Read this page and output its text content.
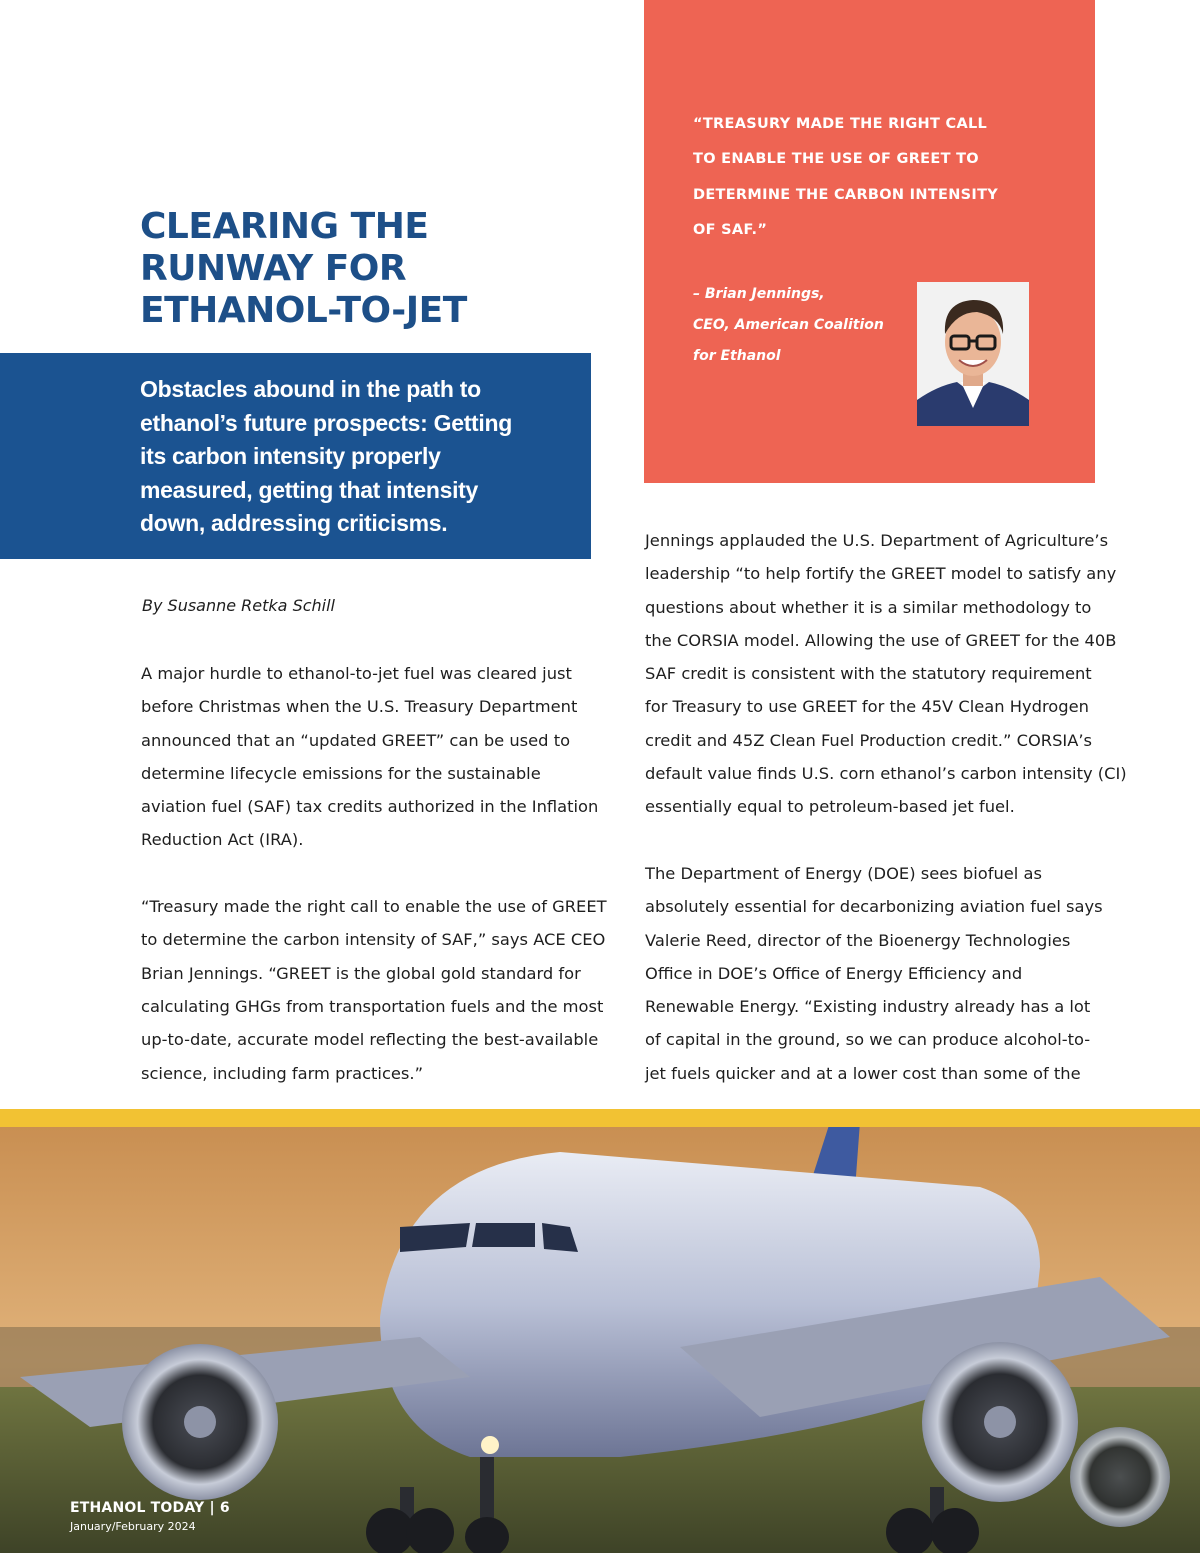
“TREASURY MADE THE RIGHT CALL
TO ENABLE THE USE OF GREET TO
DETERMINE THE CARBON INTENSITY
OF SAF.”
– Brian Jennings,
CEO, American Coalition
for Ethanol
CLEARING THE
RUNWAY FOR
ETHANOL-TO-JET
Obstacles abound in the path to
ethanol’s future prospects: Getting
its carbon intensity properly
measured, getting that intensity
down, addressing criticisms.
By Susanne Retka Schill

A major hurdle to ethanol-to-jet fuel was cleared just
before Christmas when the U.S. Treasury Department
announced that an “updated GREET” can be used to
determine lifecycle emissions for the sustainable
aviation fuel (SAF) tax credits authorized in the Inflation
Reduction Act (IRA).

“Treasury made the right call to enable the use of GREET
to determine the carbon intensity of SAF,” says ACE CEO
Brian Jennings. “GREET is the global gold standard for
calculating GHGs from transportation fuels and the most
up-to-date, accurate model reflecting the best-available
science, including farm practices.”

Jennings applauded the U.S. Department of Agriculture’s
leadership “to help fortify the GREET model to satisfy any
questions about whether it is a similar methodology to
the CORSIA model. Allowing the use of GREET for the 40B
SAF credit is consistent with the statutory requirement
for Treasury to use GREET for the 45V Clean Hydrogen
credit and 45Z Clean Fuel Production credit.” CORSIA’s
default value finds U.S. corn ethanol’s carbon intensity (CI)
essentially equal to petroleum-based jet fuel.

The Department of Energy (DOE) sees biofuel as
absolutely essential for decarbonizing aviation fuel says
Valerie Reed, director of the Bioenergy Technologies
Office in DOE’s Office of Energy Efficiency and
Renewable Energy. “Existing industry already has a lot
of capital in the ground, so we can produce alcohol-to-
jet fuels quicker and at a lower cost than some of the

ETHANOL TODAY | 6
January/February 2024
